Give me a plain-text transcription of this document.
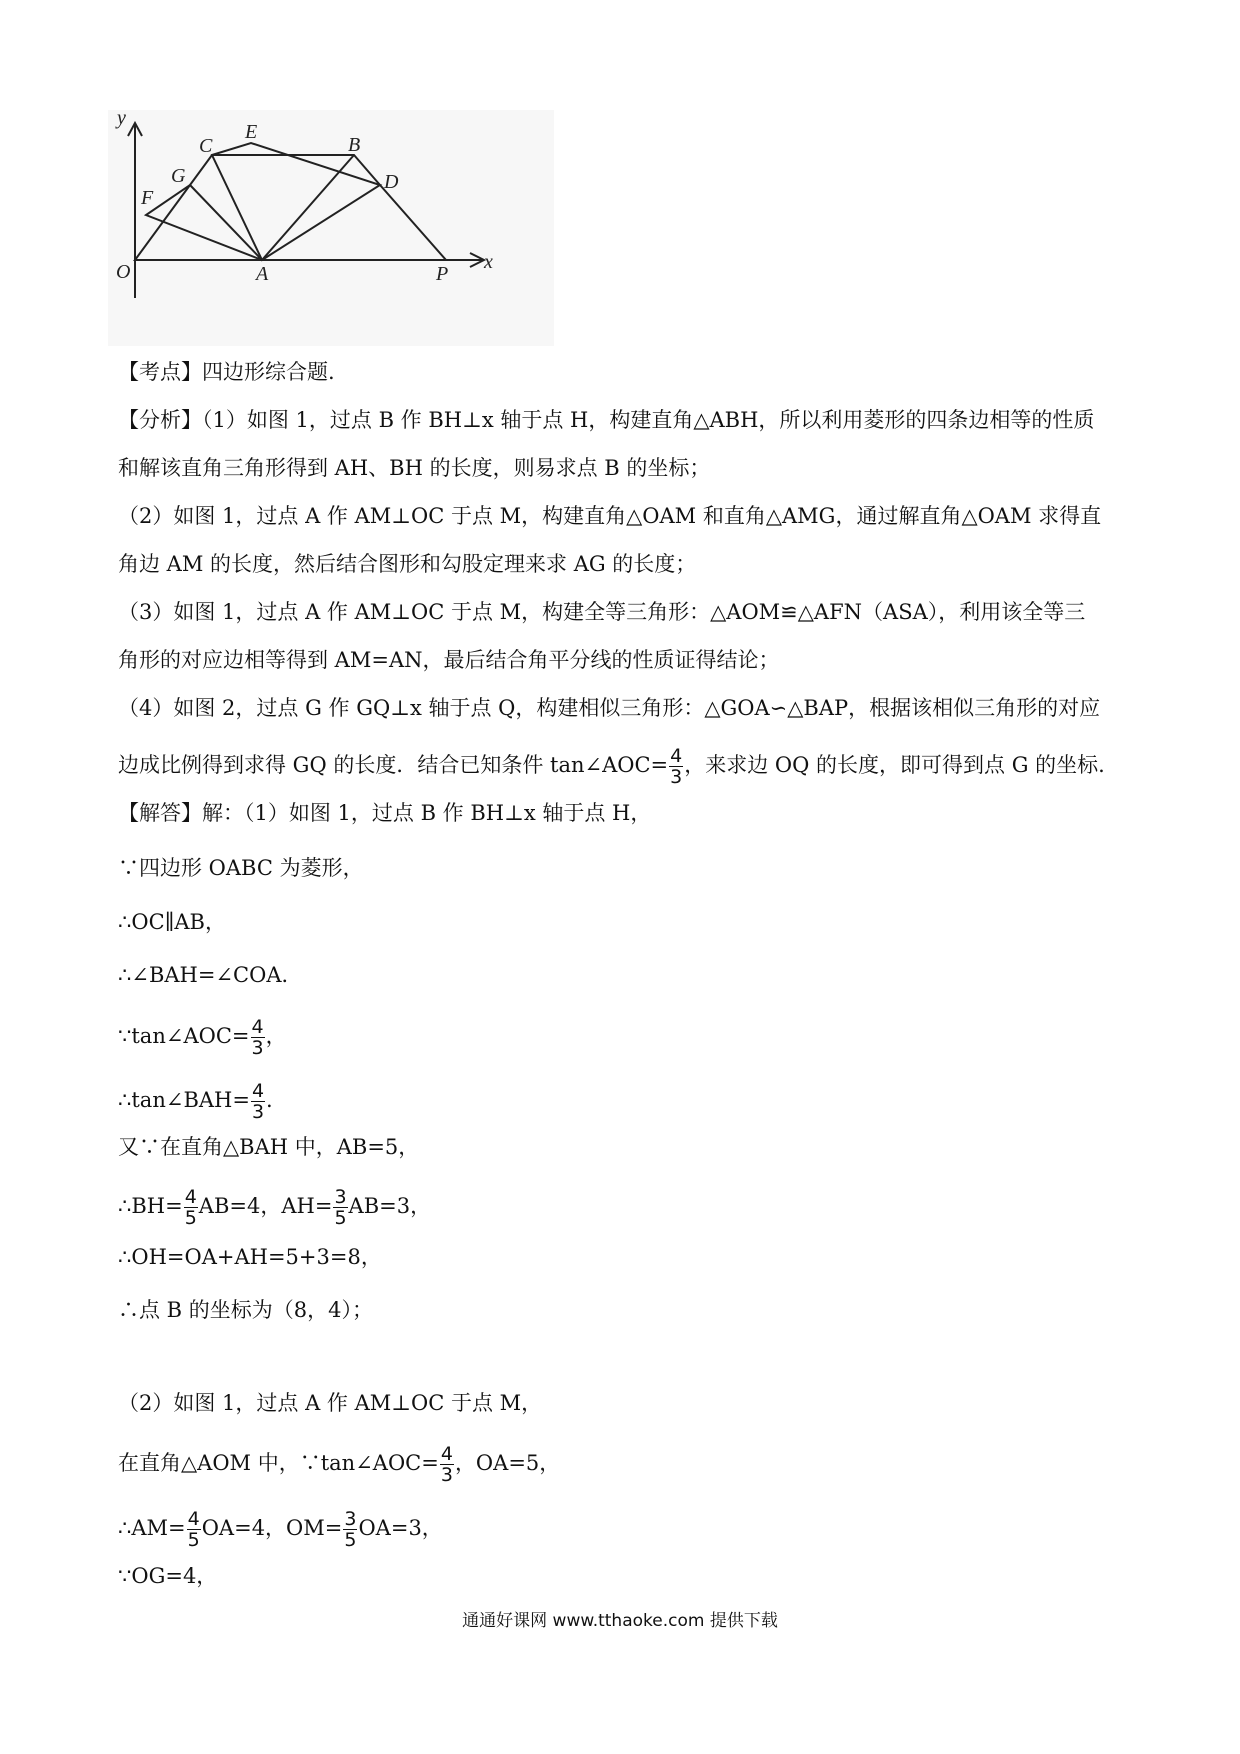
y
x
O	A	P
B
C
D
E
F
G
【考点】四边形综合题.
【分析】（1）如图 1，过点 B 作 BH⊥x 轴于点 H，构建直角△ABH，所以利用菱形的四条边相等的性质
和解该直角三角形得到 AH、BH 的长度，则易求点 B 的坐标；
（2）如图 1，过点 A 作 AM⊥OC 于点 M，构建直角△OAM 和直角△AMG，通过解直角△OAM 求得直
角边 AM 的长度，然后结合图形和勾股定理来求 AG 的长度；
（3）如图 1，过点 A 作 AM⊥OC 于点 M，构建全等三角形：△AOM≌△AFN（ASA），利用该全等三
角形的对应边相等得到 AM=AN，最后结合角平分线的性质证得结论；
（4）如图 2，过点 G 作 GQ⊥x 轴于点 Q，构建相似三角形：△GOA∽△BAP，根据该相似三角形的对应
边成比例得到求得 GQ 的长度．结合已知条件 tan∠AOC= $\frac{4}{3}$ ，来求边 OQ 的长度，即可得到点 G 的坐标.
【解答】解：（1）如图 1，过点 B 作 BH⊥x 轴于点 H，
∵四边形 OABC 为菱形，
∴OC∥AB，
∴∠BAH=∠COA．
∵tan∠AOC= $\frac{4}{3}$ ，
∴tan∠BAH= $\frac{4}{3}$ .
又∵在直角△BAH 中，AB=5，
∴BH= $\frac{4}{5} AB=4$，$AH= \frac{3}{5} AB=3$，
∴OH=OA+AH=5+3=8，
∴点 B 的坐标为（8，4）；
（2）如图 1，过点 A 作 AM⊥OC 于点 M，
在直角△AOM 中，∵tan∠AOC= $\frac{4}{3}$ ，OA=5，
∴AM= $\frac{4}{5} OA=4$，$OM= \frac{3}{5} OA=3$，
∵OG=4，
通通好课网 www.tthaoke.com 提供下载
